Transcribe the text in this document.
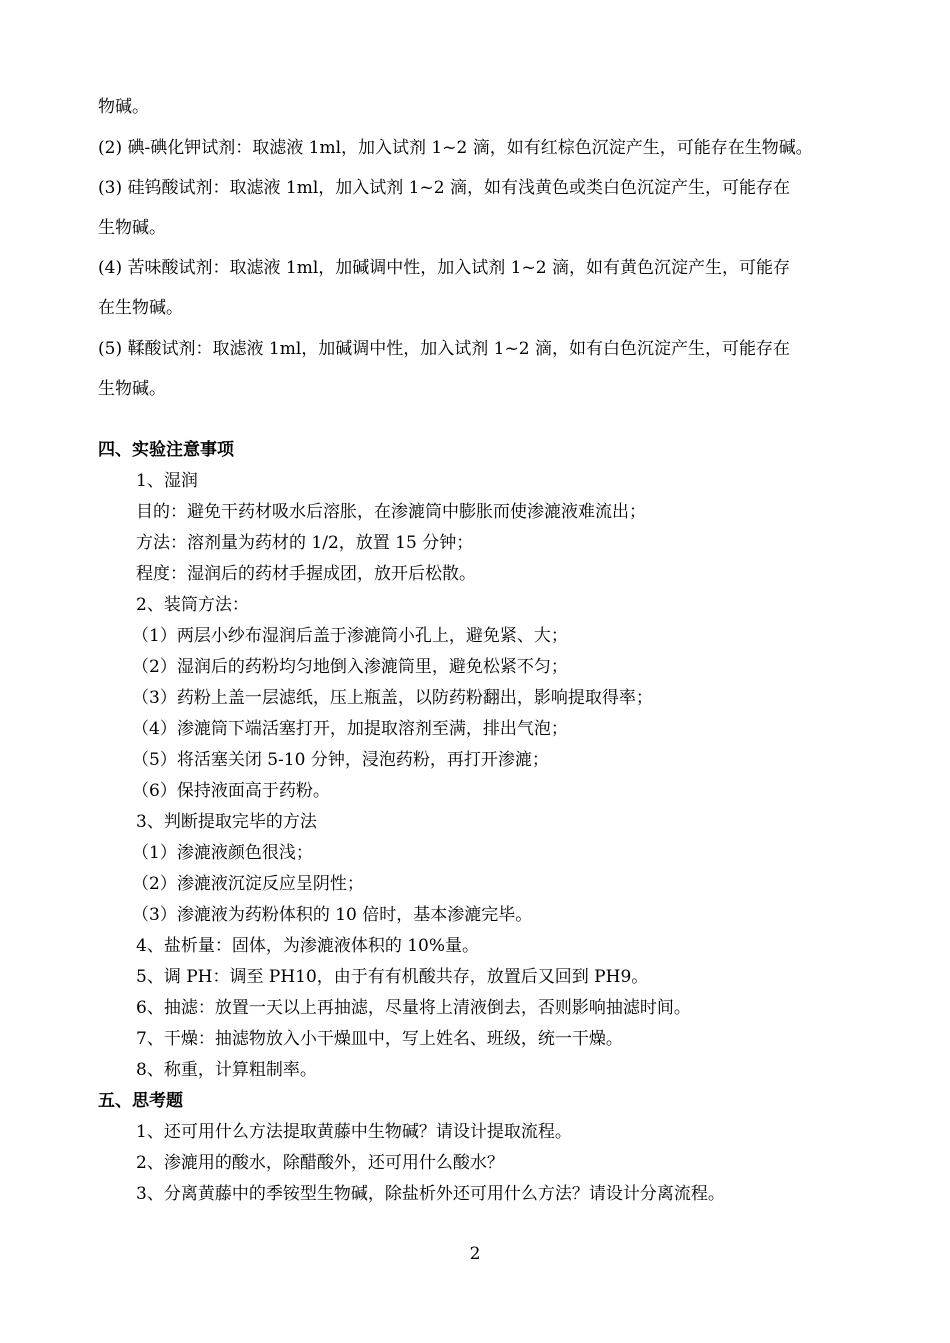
物碱。
(2) 碘-碘化钾试剂：取滤液 1ml，加入试剂 1~2 滴，如有红棕色沉淀产生，可能存在生物碱。
(3) 硅钨酸试剂：取滤液 1ml，加入试剂 1~2 滴，如有浅黄色或类白色沉淀产生，可能存在
生物碱。
(4) 苦味酸试剂：取滤液 1ml，加碱调中性，加入试剂 1~2 滴，如有黄色沉淀产生，可能存
在生物碱。
(5) 鞣酸试剂：取滤液 1ml，加碱调中性，加入试剂 1~2 滴，如有白色沉淀产生，可能存在
生物碱。
四、实验注意事项
1、湿润
目的：避免干药材吸水后溶胀，在渗漉筒中膨胀而使渗漉液难流出；
方法：溶剂量为药材的 1/2，放置 15 分钟；
程度：湿润后的药材手握成团，放开后松散。
2、装筒方法：
（1）两层小纱布湿润后盖于渗漉筒小孔上，避免紧、大；
（2）湿润后的药粉均匀地倒入渗漉筒里，避免松紧不匀；
（3）药粉上盖一层滤纸，压上瓶盖，以防药粉翻出，影响提取得率；
（4）渗漉筒下端活塞打开，加提取溶剂至满，排出气泡；
（5）将活塞关闭 5-10 分钟，浸泡药粉，再打开渗漉；
（6）保持液面高于药粉。
3、判断提取完毕的方法
（1）渗漉液颜色很浅；
（2）渗漉液沉淀反应呈阴性；
（3）渗漉液为药粉体积的 10 倍时，基本渗漉完毕。
4、盐析量：固体，为渗漉液体积的 10%量。
5、调 PH：调至 PH10，由于有有机酸共存，放置后又回到 PH9。
6、抽滤：放置一天以上再抽滤，尽量将上清液倒去，否则影响抽滤时间。
7、干燥：抽滤物放入小干燥皿中，写上姓名、班级，统一干燥。
8、称重，计算粗制率。
五、思考题
1、还可用什么方法提取黄藤中生物碱？请设计提取流程。
2、渗漉用的酸水，除醋酸外，还可用什么酸水？
3、分离黄藤中的季铵型生物碱，除盐析外还可用什么方法？请设计分离流程。
2
